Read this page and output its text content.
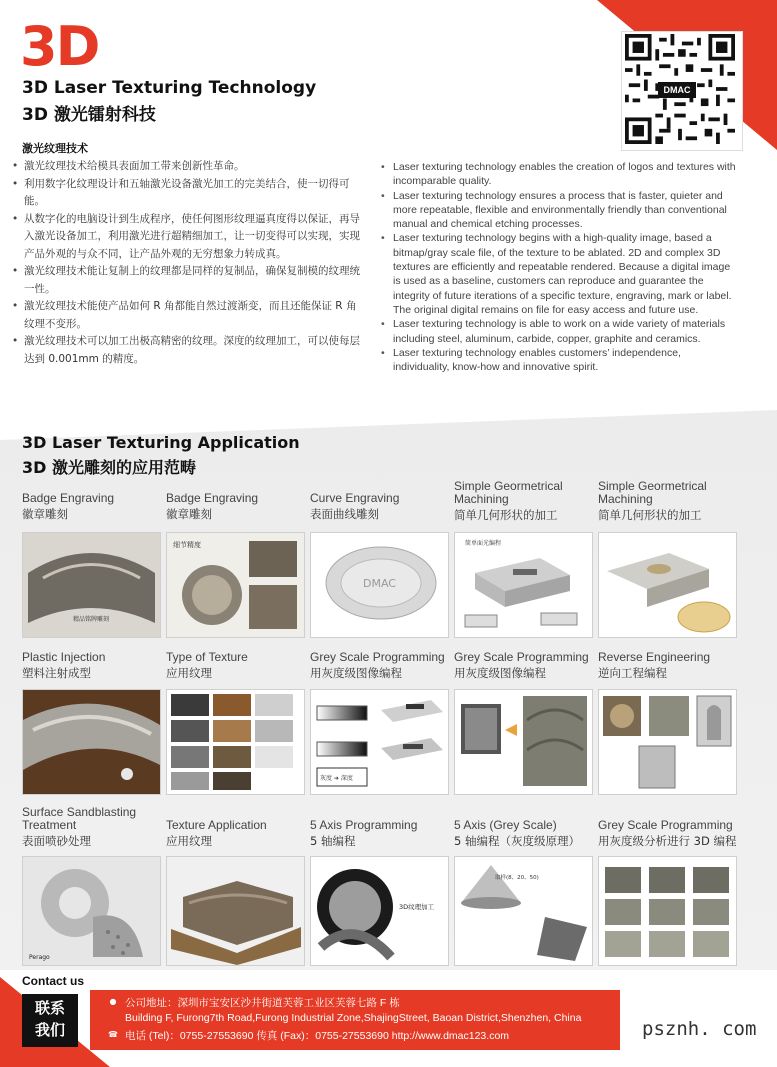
3D
3D Laser Texturing Technology
3D 激光镭射科技
DMAC
激光纹理技术
• 激光纹理技术给模具表面加工带来创新性革命。
• 利用数字化纹理设计和五轴激光设备激光加工的完美结合，使一切得可能。
• 从数字化的电脑设计到生成程序，使任何图形纹理逼真度得以保证，再导入激光设备加工，利用激光进行超精细加工，让一切变得可以实现，实现产品外观的与众不同，让产品外观的无穷想象力转成真。
• 激光纹理技术能让复制上的纹理都是同样的复制品，确保复制模的纹理统一性。
• 激光纹理技术能使产品如何 R 角都能自然过渡渐变，而且还能保证 R 角纹理不变形。
• 激光纹理技术可以加工出极高精密的纹理。深度的纹理加工，可以使每层达到 0.001mm 的精度。
• Laser texturing technology enables the creation of logos and textures with incomparable quality.
• Laser texturing technology ensures a process that is faster, quieter and more repeatable, flexible and environmentally friendly than conventional manual and chemical etching processes.
• Laser texturing technology begins with a high-quality image, based a bitmap/gray scale file, of the texture to be ablated. 2D and complex 3D textures are efficiently and repeatable rendered. Because a digital image is used as a baseline, customers can reproduce and guarantee the integrity of future iterations of a specific texture, engraving, mark or label. The original digital remains on file for easy access and future use.
• Laser texturing technology is able to work on a wide variety of materials including steel, aluminum, carbide, copper, graphite and ceramics.
• Laser texturing technology enables customers’ independence, individuality, know-how and innovative spirit.
3D Laser Texturing Application
3D 激光雕刻的应用范畴
Badge Engraving
徽章雕刻
精品铭牌雕刻
Badge Engraving
徽章雕刻
细节精度
Curve Engraving
表面曲线雕刻
DMAC
Simple Geormetrical Machining
简单几何形状的加工
简单面光编程
Simple Geormetrical Machining
简单几何形状的加工
Plastic Injection
塑料注射成型
Type of Texture
应用纹理
Grey Scale Programming
用灰度级图像编程
灰度 ➜ 深度
Grey Scale Programming
用灰度级图像编程
Reverse Engineering
逆向工程编程
Surface Sandblasting Treatment
表面喷砂处理
Perago
Texture Application
应用纹理
5 Axis Programming
5 轴编程
3D纹理加工
5 Axis (Grey Scale)
5 轴编程（灰度级原理）
取样(8、20、50)
Grey Scale Programming
用灰度级分析进行 3D 编程
Contact us
联系
我们
● 公司地址：深圳市宝安区沙井街道芙蓉工业区芙蓉七路 F 栋
Building F, Furong7th Road,Furong Industrial Zone,ShajingStreet, Baoan District,Shenzhen, China
☎ 电话 (Tel)：0755-27553690 传真 (Fax)：0755-27553690 http://www.dmac123.com	psznh. com
